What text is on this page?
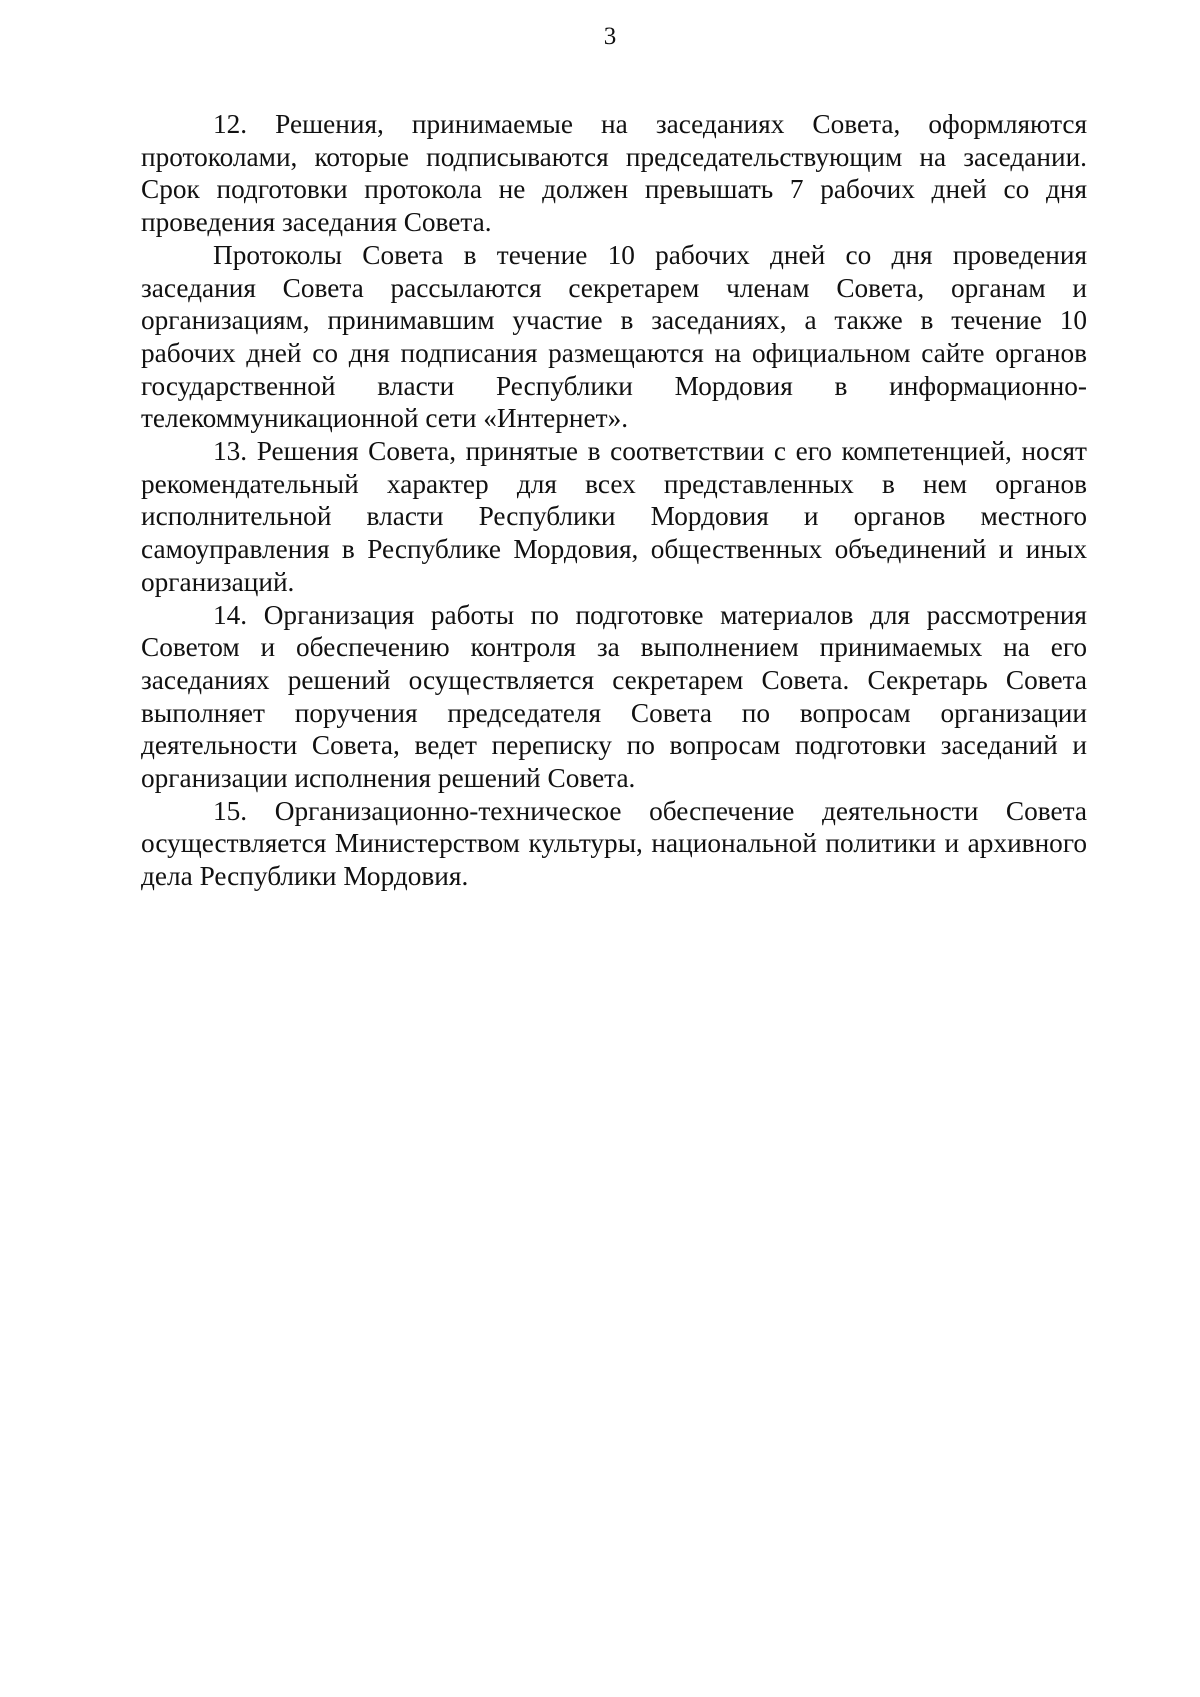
3

12. Решения, принимаемые на заседаниях Совета, оформляются протоколами, которые подписываются председательствующим на заседании. Срок подготовки протокола не должен превышать 7 рабочих дней со дня проведения заседания Совета.

Протоколы Совета в течение 10 рабочих дней со дня проведения заседания Совета рассылаются секретарем членам Совета, органам и организациям, принимавшим участие в заседаниях, а также в течение 10 рабочих дней со дня подписания размещаются на официальном сайте органов государственной власти Республики Мордовия в информационно-телекоммуникационной сети «Интернет».

13. Решения Совета, принятые в соответствии с его компетенцией, носят рекомендательный характер для всех представленных в нем органов исполнительной власти Республики Мордовия и органов местного самоуправления в Республике Мордовия, общественных объединений и иных организаций.

14. Организация работы по подготовке материалов для рассмотрения Советом и обеспечению контроля за выполнением принимаемых на его заседаниях решений осуществляется секретарем Совета. Секретарь Совета выполняет поручения председателя Совета по вопросам организации деятельности Совета, ведет переписку по вопросам подготовки заседаний и организации исполнения решений Совета.

15. Организационно-техническое обеспечение деятельности Совета осуществляется Министерством культуры, национальной политики и архивного дела Республики Мордовия.
